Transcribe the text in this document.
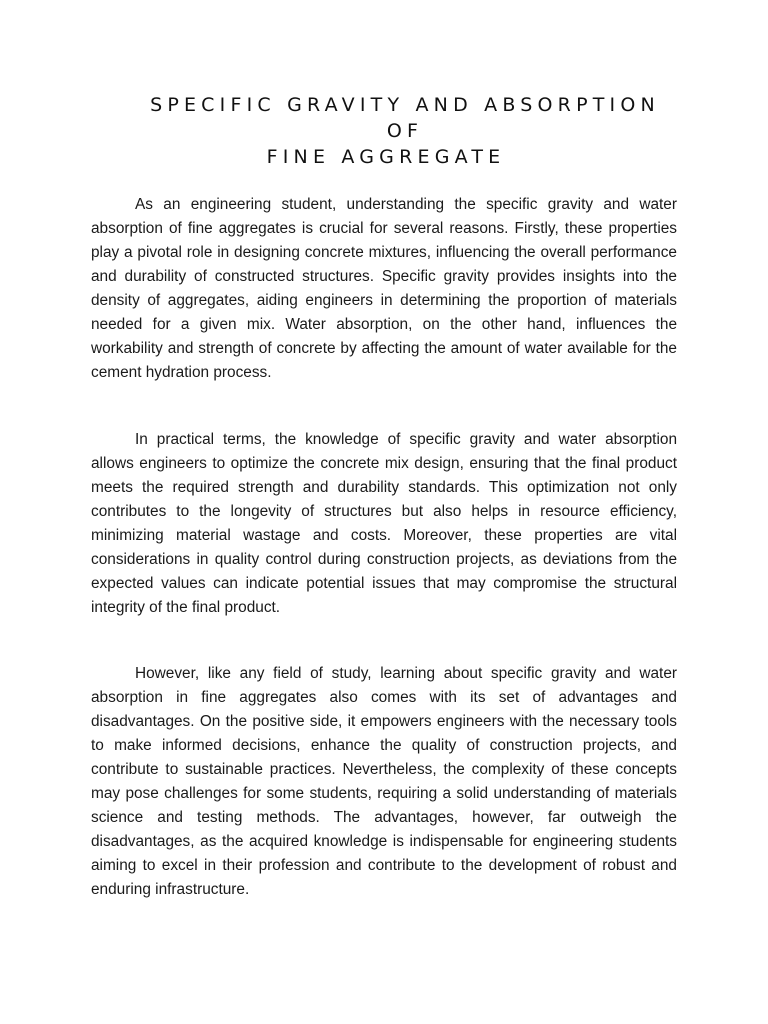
SPECIFIC GRAVITY AND ABSORPTION OF
FINE AGGREGATE

As an engineering student, understanding the specific gravity and water absorption of fine aggregates is crucial for several reasons. Firstly, these properties play a pivotal role in designing concrete mixtures, influencing the overall performance and durability of constructed structures. Specific gravity provides insights into the density of aggregates, aiding engineers in determining the proportion of materials needed for a given mix. Water absorption, on the other hand, influences the workability and strength of concrete by affecting the amount of water available for the cement hydration process.

In practical terms, the knowledge of specific gravity and water absorption allows engineers to optimize the concrete mix design, ensuring that the final product meets the required strength and durability standards. This optimization not only contributes to the longevity of structures but also helps in resource efficiency, minimizing material wastage and costs. Moreover, these properties are vital considerations in quality control during construction projects, as deviations from the expected values can indicate potential issues that may compromise the structural integrity of the final product.

However, like any field of study, learning about specific gravity and water absorption in fine aggregates also comes with its set of advantages and disadvantages. On the positive side, it empowers engineers with the necessary tools to make informed decisions, enhance the quality of construction projects, and contribute to sustainable practices. Nevertheless, the complexity of these concepts may pose challenges for some students, requiring a solid understanding of materials science and testing methods. The advantages, however, far outweigh the disadvantages, as the acquired knowledge is indispensable for engineering students aiming to excel in their profession and contribute to the development of robust and enduring infrastructure.
